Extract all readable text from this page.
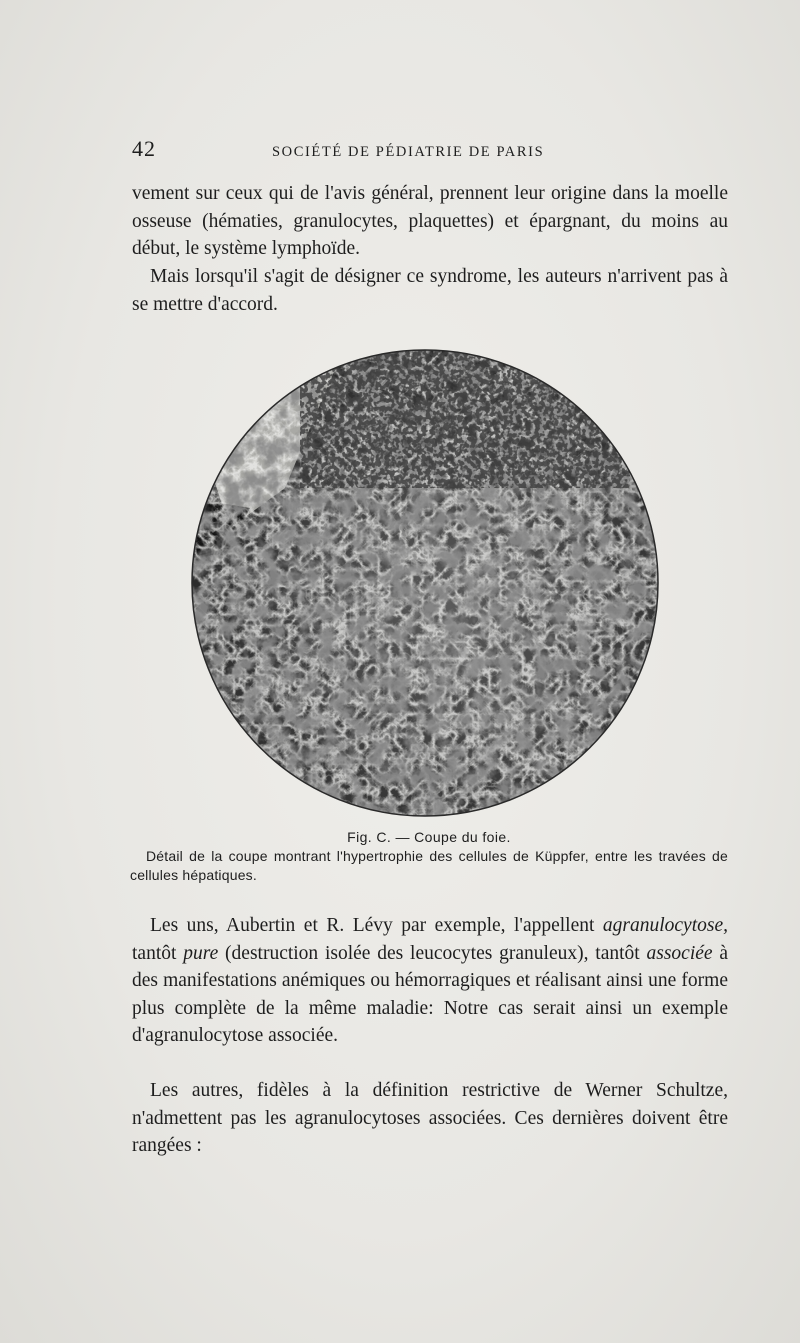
42	SOCIÉTÉ DE PÉDIATRIE DE PARIS

vement sur ceux qui de l'avis général, prennent leur origine dans la moelle osseuse (hématies, granulocytes, plaquettes) et épargnant, du moins au début, le système lymphoïde.

Mais lorsqu'il s'agit de désigner ce syndrome, les auteurs n'arrivent pas à se mettre d'accord.

Fig. C. — Coupe du foie.
Détail de la coupe montrant l'hypertrophie des cellules de Küppfer, entre les travées de cellules hépatiques.

Les uns, Aubertin et R. Lévy par exemple, l'appellent agranulocytose, tantôt pure (destruction isolée des leucocytes granuleux), tantôt associée à des manifestations anémiques ou hémorragiques et réalisant ainsi une forme plus complète de la même maladie: Notre cas serait ainsi un exemple d'agranulocytose associée.

Les autres, fidèles à la définition restrictive de Werner Schultze, n'admettent pas les agranulocytoses associées. Ces dernières doivent être rangées :
